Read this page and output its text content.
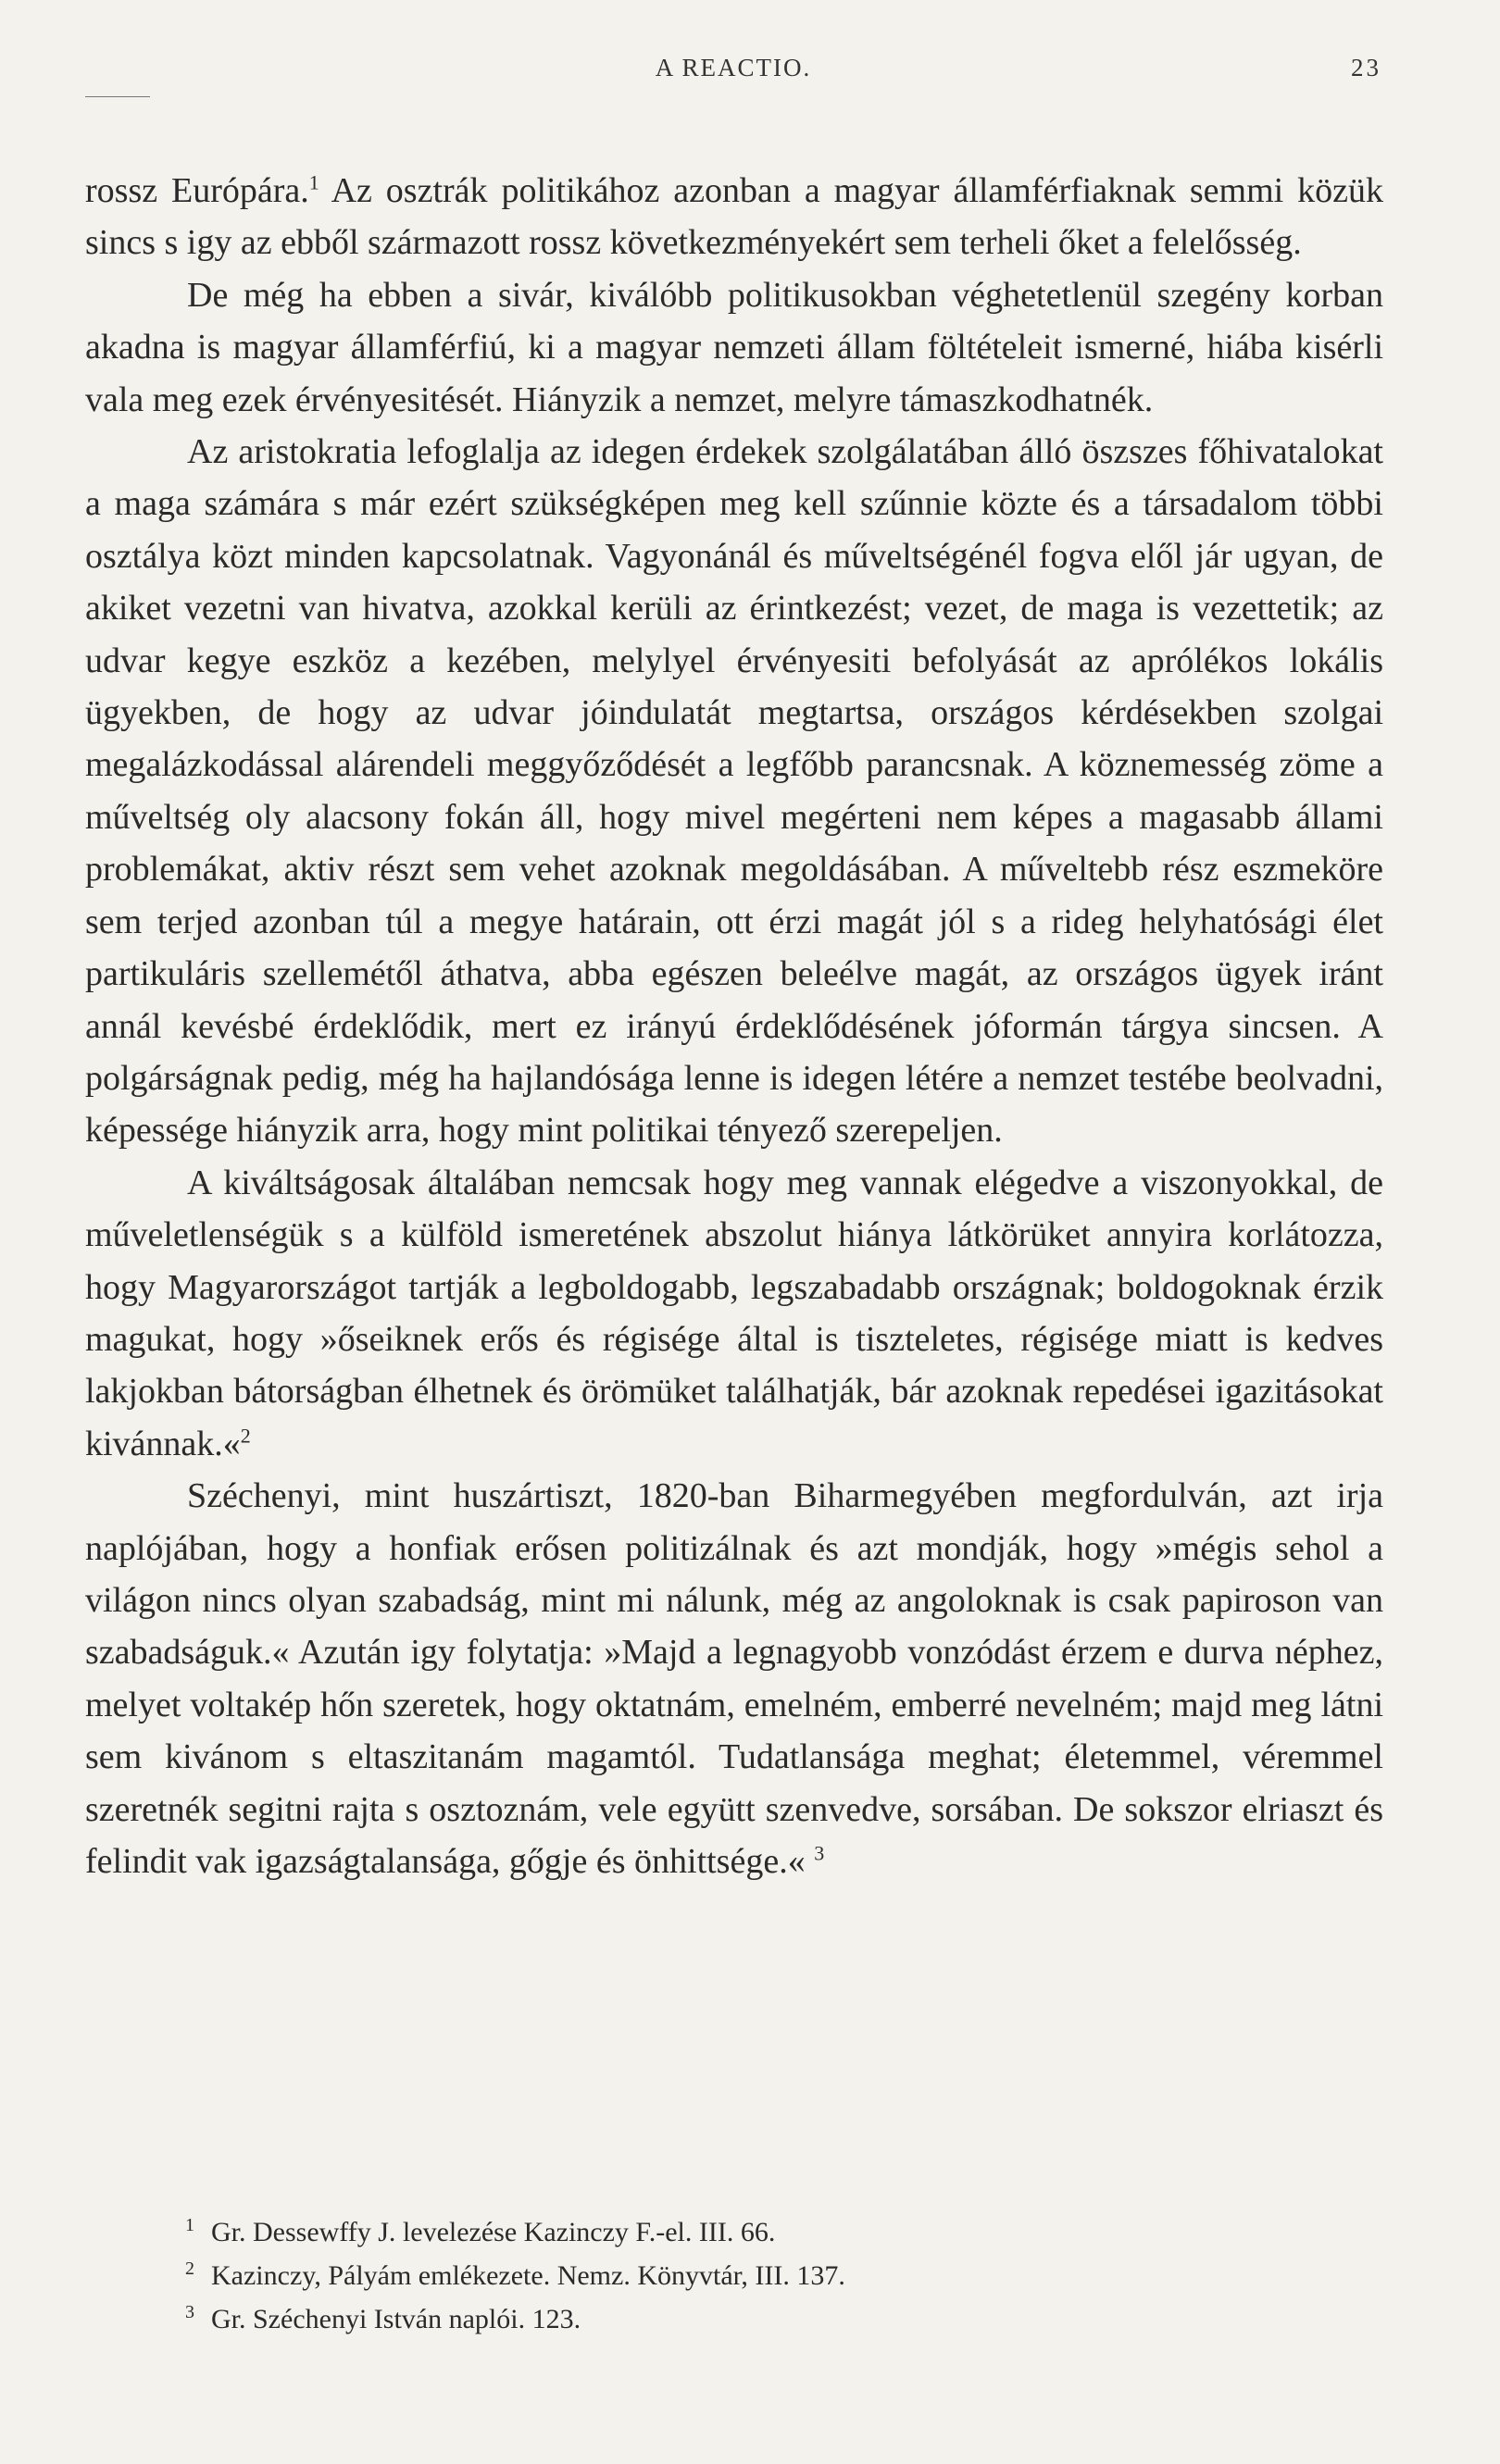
A REACTIO.	23

rossz Európára.$^1$ Az osztrák politikához azonban a magyar államférfiaknak semmi közük sincs s igy az ebből származott rossz következményekért sem terheli őket a felelősség.

De még ha ebben a sivár, kiválóbb politikusokban véghetetlenül szegény korban akadna is magyar államférfiú, ki a magyar nemzeti állam föltételeit ismerné, hiába kisérli vala meg ezek érvényesitését. Hiányzik a nemzet, melyre támaszkodhatnék.

Az aristokratia lefoglalja az idegen érdekek szolgálatában álló öszszes főhivatalokat a maga számára s már ezért szükségképen meg kell szűnnie közte és a társadalom többi osztálya közt minden kapcsolatnak. Vagyonánál és műveltségénél fogva elől jár ugyan, de akiket vezetni van hivatva, azokkal kerüli az érintkezést; vezet, de maga is vezettetik; az udvar kegye eszköz a kezében, melylyel érvényesiti befolyását az aprólékos lokális ügyekben, de hogy az udvar jóindulatát megtartsa, országos kérdésekben szolgai megalázkodással alárendeli meggyőződését a legfőbb parancsnak. A köznemesség zöme a műveltség oly alacsony fokán áll, hogy mivel megérteni nem képes a magasabb állami problemákat, aktiv részt sem vehet azoknak megoldásában. A műveltebb rész eszmeköre sem terjed azonban túl a megye határain, ott érzi magát jól s a rideg helyhatósági élet partikuláris szellemétől áthatva, abba egészen beleélve magát, az országos ügyek iránt annál kevésbé érdeklődik, mert ez irányú érdeklődésének jóformán tárgya sincsen. A polgárságnak pedig, még ha hajlandósága lenne is idegen létére a nemzet testébe beolvadni, képessége hiányzik arra, hogy mint politikai tényező szerepeljen.

A kiváltságosak általában nemcsak hogy meg vannak elégedve a viszonyokkal, de műveletlenségük s a külföld ismeretének abszolut hiánya látkörüket annyira korlátozza, hogy Magyarországot tartják a legboldogabb, legszabadabb országnak; boldogoknak érzik magukat, hogy »őseiknek erős és régisége által is tiszteletes, régisége miatt is kedves lakjokban bátorságban élhetnek és örömüket találhatják, bár azoknak repedései igazitásokat kivánnak.«$^2$

Széchenyi, mint huszártiszt, 1820-ban Biharmegyében megfordulván, azt irja naplójában, hogy a honfiak erősen politizálnak és azt mondják, hogy »mégis sehol a világon nincs olyan szabadság, mint mi nálunk, még az angoloknak is csak papiroson van szabadságuk.« Azután igy folytatja: »Majd a legnagyobb vonzódást érzem e durva néphez, melyet voltakép hőn szeretek, hogy oktatnám, emelném, emberré nevelném; majd meg látni sem kivánom s eltaszitanám magamtól. Tudatlansága meghat; életemmel, véremmel szeretnék segitni rajta s osztoznám, vele együtt szenvedve, sorsában. De sokszor elriaszt és felindit vak igazságtalansága, gőgje és önhittsége.« $^3$

1 Gr. Dessewffy J. levelezése Kazinczy F.-el. III. 66.

2 Kazinczy, Pályám emlékezete. Nemz. Könyvtár, III. 137.

3 Gr. Széchenyi István naplói. 123.
